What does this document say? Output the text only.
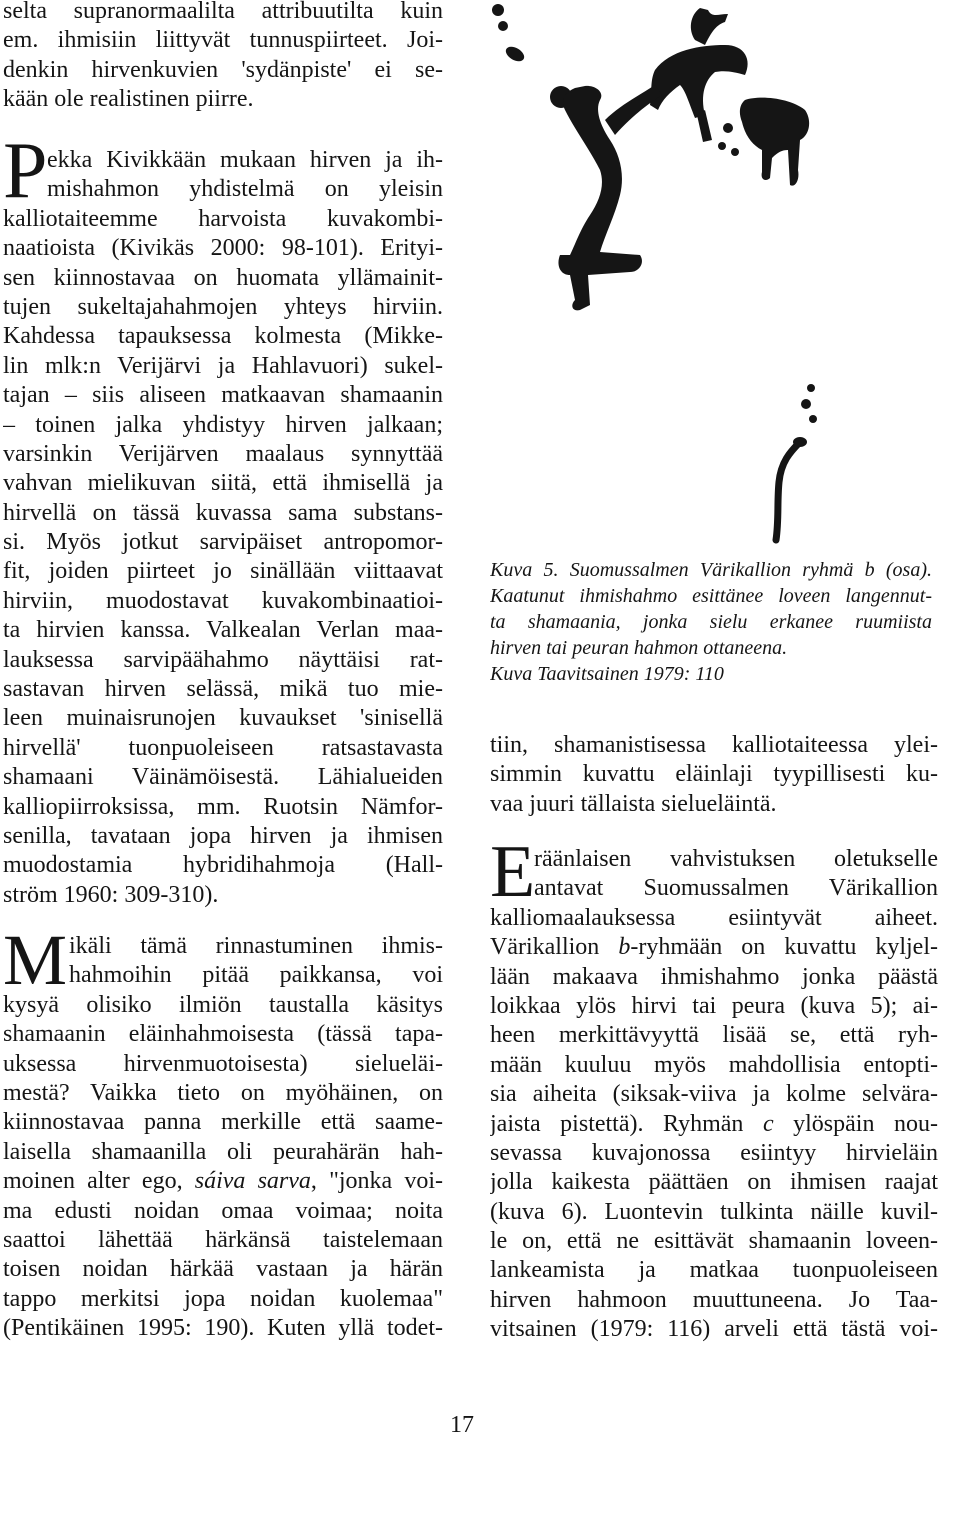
selta supranormaalilta attribuutilta kuin
em. ihmisiin liittyvät tunnuspiirteet. Joi-
denkin hirvenkuvien 'sydänpiste' ei se-
kään ole realistinen piirre.
P ekka Kivikkään mukaan hirven ja ih-
mishahmon yhdistelmä on yleisin
kalliotaiteemme harvoista kuvakombi-
naatioista (Kivikäs 2000: 98-101). Erityi-
sen kiinnostavaa on huomata yllämainit-
tujen sukeltajahahmojen yhteys hirviin.
Kahdessa tapauksessa kolmesta (Mikke-
lin mlk:n Verijärvi ja Hahlavuori) sukel-
tajan – siis aliseen matkaavan shamaanin
– toinen jalka yhdistyy hirven jalkaan;
varsinkin Verijärven maalaus synnyttää
vahvan mielikuvan siitä, että ihmisellä ja
hirvellä on tässä kuvassa sama substans-
si. Myös jotkut sarvipäiset antropomor-
fit, joiden piirteet jo sinällään viittaavat
hirviin, muodostavat kuvakombinaatioi-
ta hirvien kanssa. Valkealan Verlan maa-
lauksessa sarvipäähahmo näyttäisi rat-
sastavan hirven selässä, mikä tuo mie-
leen muinaisrunojen kuvaukset 'sinisellä
hirvellä' tuonpuoleiseen ratsastavasta
shamaani Väinämöisestä. Lähialueiden
kalliopiirroksissa, mm. Ruotsin Nämfor-
senilla, tavataan jopa hirven ja ihmisen
muodostamia hybridihahmoja (Hall-
ström 1960: 309-310).
M ikäli tämä rinnastuminen ihmis-
hahmoihin pitää paikkansa, voi
kysyä olisiko ilmiön taustalla käsitys
shamaanin eläinhahmoisesta (tässä tapa-
uksessa hirvenmuotoisesta) sielueläi-
mestä? Vaikka tieto on myöhäinen, on
kiinnostavaa panna merkille että saame-
laisella shamaanilla oli peurahärän hah-
moinen alter ego, sáiva sarva, "jonka voi-
ma edusti noidan omaa voimaa; noita
saattoi lähettää härkänsä taistelemaan
toisen noidan härkää vastaan ja härän
tappo merkitsi jopa noidan kuolemaa"
(Pentikäinen 1995: 190). Kuten yllä todet-
Kuva 5. Suomussalmen Värikallion ryhmä b (osa).
Kaatunut ihmishahmo esittänee loveen langennut-
ta shamaania, jonka sielu erkanee ruumiista
hirven tai peuran hahmon ottaneena.
Kuva Taavitsainen 1979: 110
tiin, shamanistisessa kalliotaiteessa ylei-
simmin kuvattu eläinlaji tyypillisesti ku-
vaa juuri tällaista sielueläintä.
E
räänlaisen vahvistuksen oletukselle
antavat Suomussalmen Värikallion
kalliomaalauksessa esiintyvät aiheet.
Värikallion b-ryhmään on kuvattu kyljel-
lään makaava ihmishahmo jonka päästä
loikkaa ylös hirvi tai peura (kuva 5); ai-
heen merkittävyyttä lisää se, että ryh-
mään kuuluu myös mahdollisia entopti-
sia aiheita (siksak-viiva ja kolme selvära-
jaista pistettä). Ryhmän c ylöspäin nou-
sevassa kuvajonossa esiintyy hirvieläin
jolla kaikesta päättäen on ihmisen raajat
(kuva 6). Luontevin tulkinta näille kuvil-
le on, että ne esittävät shamaanin loveen-
lankeamista ja matkaa tuonpuoleiseen
hirven hahmoon muuttuneena. Jo Taa-
vitsainen (1979: 116) arveli että tästä voi-
17
